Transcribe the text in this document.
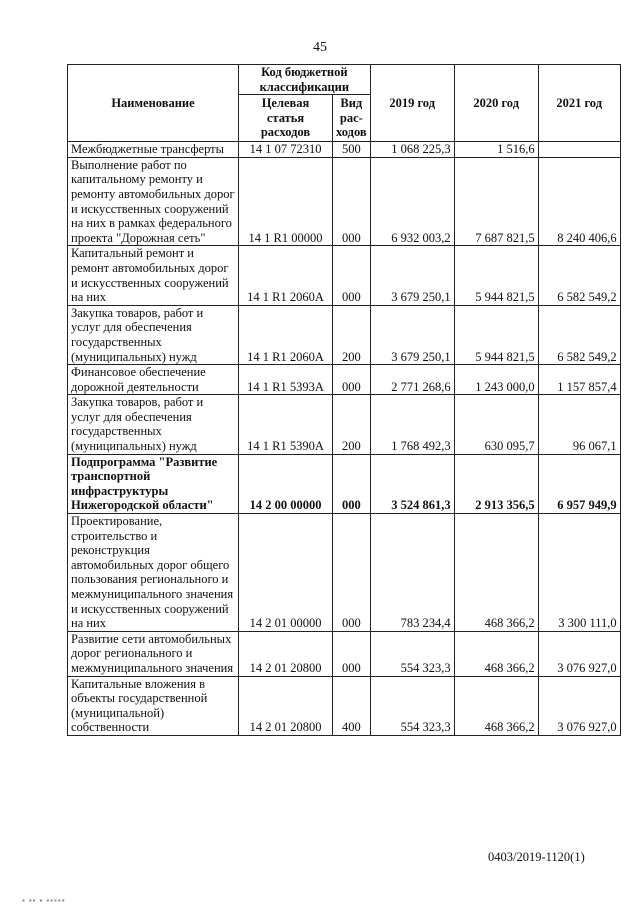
45
Наименование	Код бюджетной классификации		2019 год	2020 год	2021 год
	Целевая статья расходов	Вид рас-ходов			
Межбюджетные трансферты	14 1 07 72310	500	1 068 225,3	1 516,6	
Выполнение работ по капитальному ремонту и ремонту автомобильных дорог и искусственных сооружений на них в рамках федерального проекта "Дорожная сеть"	14 1 R1 00000	000	6 932 003,2	7 687 821,5	8 240 406,6
Капитальный ремонт и ремонт автомобильных дорог и искусственных сооружений на них	14 1 R1 2060A	000	3 679 250,1	5 944 821,5	6 582 549,2
Закупка товаров, работ и услуг для обеспечения государственных (муниципальных) нужд	14 1 R1 2060A	200	3 679 250,1	5 944 821,5	6 582 549,2
Финансовое обеспечение дорожной деятельности	14 1 R1 5393A	000	2 771 268,6	1 243 000,0	1 157 857,4
Закупка товаров, работ и услуг для обеспечения государственных (муниципальных) нужд	14 1 R1 5390A	200	1 768 492,3	630 095,7	96 067,1
Подпрограмма "Развитие транспортной инфраструктуры Нижегородской области"	14 2 00 00000	000	3 524 861,3	2 913 356,5	6 957 949,9
Проектирование, строительство и реконструкция автомобильных дорог общего пользования регионального и межмуниципального значения и искусственных сооружений на них	14 2 01 00000	000	783 234,4	468 366,2	3 300 111,0
Развитие сети автомобильных дорог регионального и межмуниципального значения	14 2 01 20800	000	554 323,3	468 366,2	3 076 927,0
Капитальные вложения в объекты государственной (муниципальной) собственности	14 2 01 20800	400	554 323,3	468 366,2	3 076 927,0
0403/2019-1120(1)
▪ ▪▪ ▪ ▪▪▪▪▪
